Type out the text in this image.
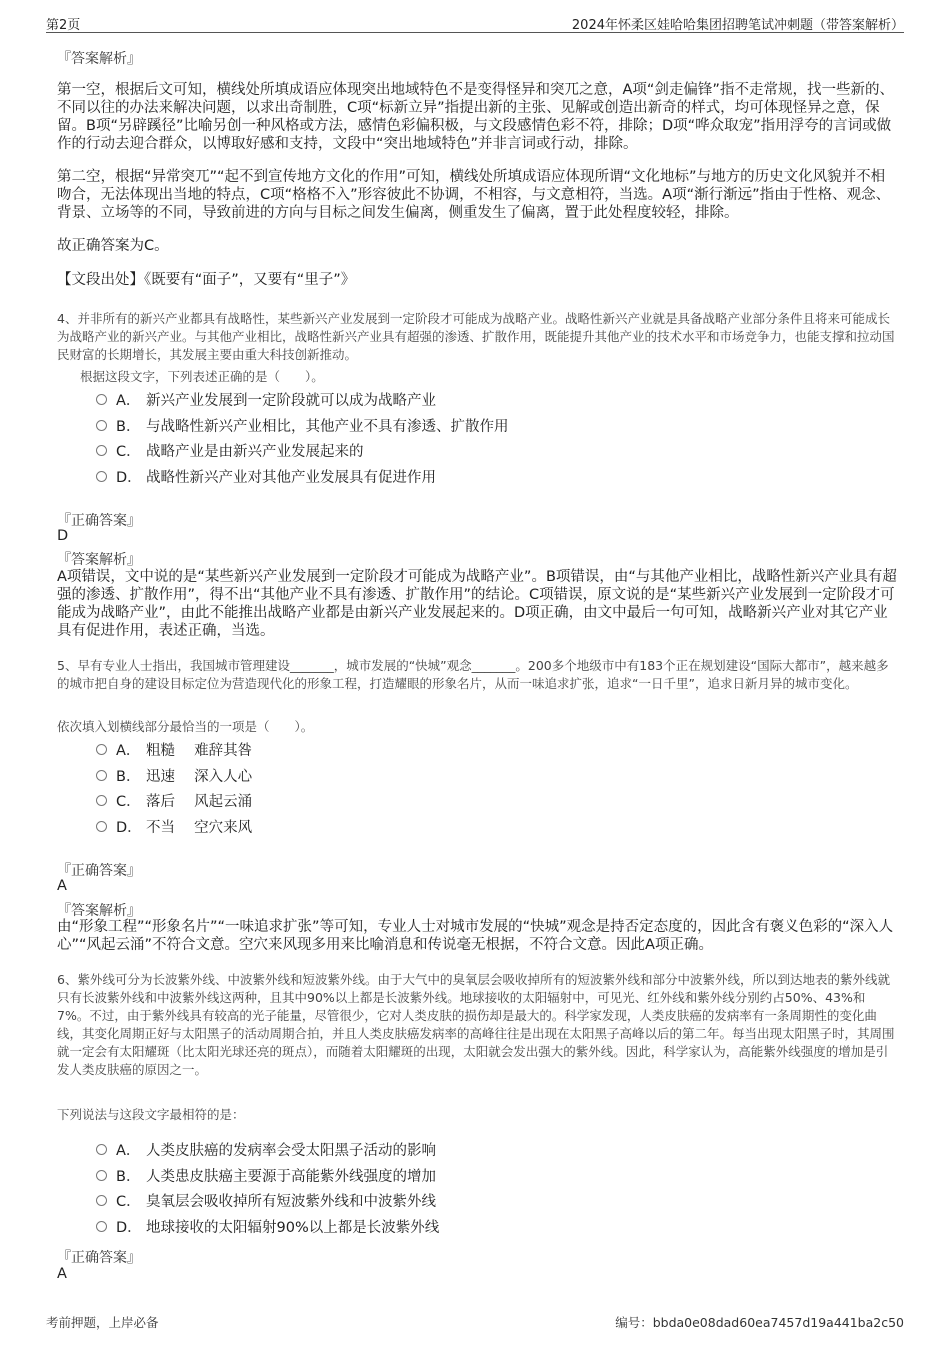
第2页	2024年怀柔区娃哈哈集团招聘笔试冲刺题（带答案解析）
『答案解析』

第一空，根据后文可知，横线处所填成语应体现突出地域特色不是变得怪异和突兀之意，A项“剑走偏锋”指不走常规，找一些新的、不同以往的办法来解决问题，以求出奇制胜，C项“标新立异”指提出新的主张、见解或创造出新奇的样式，均可体现怪异之意，保留。B项“另辟蹊径”比喻另创一种风格或方法，感情色彩偏积极，与文段感情色彩不符，排除；D项“哗众取宠”指用浮夸的言词或做作的行动去迎合群众，以博取好感和支持，文段中“突出地域特色”并非言词或行动，排除。

第二空，根据“异常突兀”“起不到宣传地方文化的作用”可知，横线处所填成语应体现所谓“文化地标”与地方的历史文化风貌并不相吻合，无法体现出当地的特点，C项“格格不入”形容彼此不协调，不相容，与文意相符，当选。A项“渐行渐远”指由于性格、观念、背景、立场等的不同，导致前进的方向与目标之间发生偏离，侧重发生了偏离，置于此处程度较轻，排除。

故正确答案为C。

【文段出处】《既要有“面子”，又要有“里子”》

4、并非所有的新兴产业都具有战略性，某些新兴产业发展到一定阶段才可能成为战略产业。战略性新兴产业就是具备战略产业部分条件且将来可能成长为战略产业的新兴产业。与其他产业相比，战略性新兴产业具有超强的渗透、扩散作用，既能提升其他产业的技术水平和市场竞争力，也能支撑和拉动国民财富的长期增长，其发展主要由重大科技创新推动。

根据这段文字，下列表述正确的是（　　）。

A． 新兴产业发展到一定阶段就可以成为战略产业
B． 与战略性新兴产业相比，其他产业不具有渗透、扩散作用
C． 战略产业是由新兴产业发展起来的
D． 战略性新兴产业对其他产业发展具有促进作用
『正确答案』
D
『答案解析』

A项错误，文中说的是“某些新兴产业发展到一定阶段才可能成为战略产业”。B项错误，由“与其他产业相比，战略性新兴产业具有超强的渗透、扩散作用”，得不出“其他产业不具有渗透、扩散作用”的结论。C项错误，原文说的是“某些新兴产业发展到一定阶段才可能成为战略产业”，由此不能推出战略产业都是由新兴产业发展起来的。D项正确，由文中最后一句可知，战略新兴产业对其它产业具有促进作用，表述正确，当选。

5、早有专业人士指出，我国城市管理建设_______，城市发展的“快城”观念_______。200多个地级市中有183个正在规划建设“国际大都市”，越来越多的城市把自身的建设目标定位为营造现代化的形象工程，打造耀眼的形象名片，从而一味追求扩张，追求“一日千里”，追求日新月异的城市变化。

依次填入划横线部分最恰当的一项是（　　）。

A． 粗糙　 难辞其咎
B． 迅速　 深入人心
C． 落后　 风起云涌
D． 不当　 空穴来风
『正确答案』
A
『答案解析』

由“形象工程”“形象名片”“一味追求扩张”等可知，专业人士对城市发展的“快城”观念是持否定态度的，因此含有褒义色彩的“深入人心”“风起云涌”不符合文意。空穴来风现多用来比喻消息和传说毫无根据，不符合文意。因此A项正确。

6、紫外线可分为长波紫外线、中波紫外线和短波紫外线。由于大气中的臭氧层会吸收掉所有的短波紫外线和部分中波紫外线，所以到达地表的紫外线就只有长波紫外线和中波紫外线这两种，且其中90%以上都是长波紫外线。地球接收的太阳辐射中，可见光、红外线和紫外线分别约占50%、43%和7%。不过，由于紫外线具有较高的光子能量，尽管很少，它对人类皮肤的损伤却是最大的。科学家发现，人类皮肤癌的发病率有一条周期性的变化曲线，其变化周期正好与太阳黑子的活动周期合拍，并且人类皮肤癌发病率的高峰往往是出现在太阳黑子高峰以后的第二年。每当出现太阳黑子时，其周围就一定会有太阳耀斑（比太阳光球还亮的斑点），而随着太阳耀斑的出现，太阳就会发出强大的紫外线。因此，科学家认为，高能紫外线强度的增加是引发人类皮肤癌的原因之一。

下列说法与这段文字最相符的是：

A． 人类皮肤癌的发病率会受太阳黑子活动的影响
B． 人类患皮肤癌主要源于高能紫外线强度的增加
C． 臭氧层会吸收掉所有短波紫外线和中波紫外线
D． 地球接收的太阳辐射90%以上都是长波紫外线
『正确答案』
A
考前押题，上岸必备	编号：bbda0e08dad60ea7457d19a441ba2c50
